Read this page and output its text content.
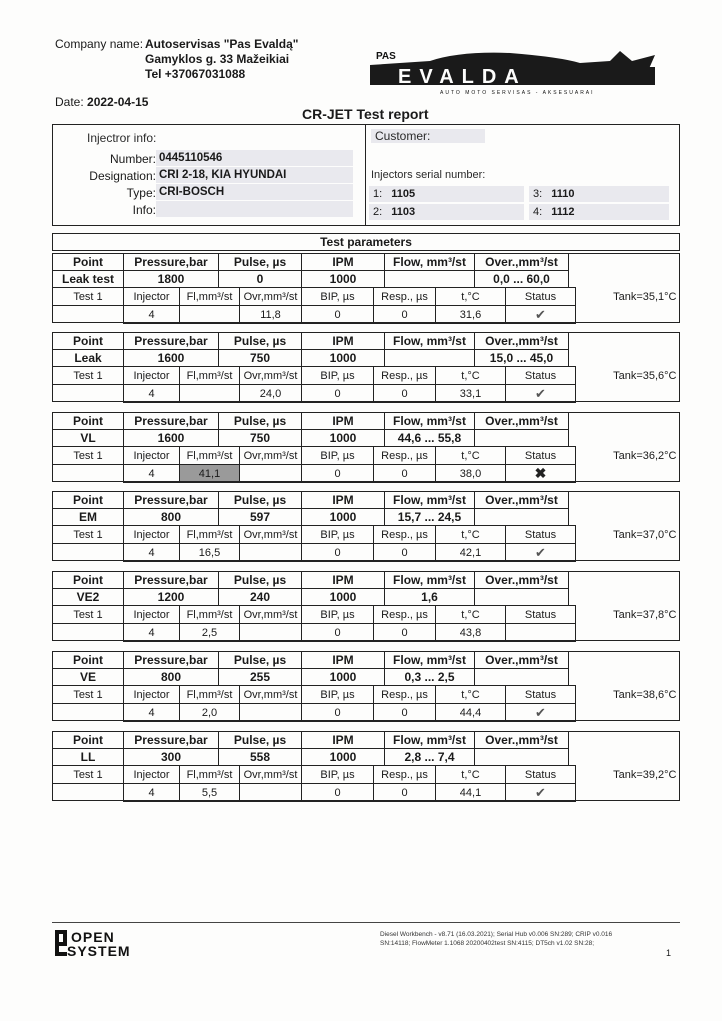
Company name: Autoservisas "Pas Evaldą"
Gamyklos g. 33 Mažeikiai
Tel +37067031088
PAS
EVALDA
AUTO MOTO SERVISAS - AKSESUARAI
Date: 2022-04-15
CR-JET Test report
Injectror info:
Number: 0445110546
Designation: CRI 2-18, KIA HYUNDAI
Type: CRI-BOSCH
Info:
Customer:
Injectors serial number:
1: 1105
2: 1103
3: 1110
4: 1112
Test parameters
Point	Pressure,bar	Pulse, µs	IPM	Flow, mm³/st	Over.,mm³/st	
Leak test	1800	0	1000		0,0 ... 60,0	
Test 1	Injector	Fl,mm³/st	Ovr,mm³/st	BIP, µs	Resp., µs	t,°C	Status	Tank=35,1°C
	4		11,8	0	0	31,6	✔	
Point	Pressure,bar	Pulse, µs	IPM	Flow, mm³/st	Over.,mm³/st	
Leak	1600	750	1000		15,0 ... 45,0	
Test 1	Injector	Fl,mm³/st	Ovr,mm³/st	BIP, µs	Resp., µs	t,°C	Status	Tank=35,6°C
	4		24,0	0	0	33,1	✔	
Point	Pressure,bar	Pulse, µs	IPM	Flow, mm³/st	Over.,mm³/st	
VL	1600	750	1000	44,6 ... 55,8		
Test 1	Injector	Fl,mm³/st	Ovr,mm³/st	BIP, µs	Resp., µs	t,°C	Status	Tank=36,2°C
	4	41,1		0	0	38,0	✖	
Point	Pressure,bar	Pulse, µs	IPM	Flow, mm³/st	Over.,mm³/st	
EM	800	597	1000	15,7 ... 24,5		
Test 1	Injector	Fl,mm³/st	Ovr,mm³/st	BIP, µs	Resp., µs	t,°C	Status	Tank=37,0°C
	4	16,5		0	0	42,1	✔	
Point	Pressure,bar	Pulse, µs	IPM	Flow, mm³/st	Over.,mm³/st	
VE2	1200	240	1000	1,6		
Test 1	Injector	Fl,mm³/st	Ovr,mm³/st	BIP, µs	Resp., µs	t,°C	Status	Tank=37,8°C
	4	2,5		0	0	43,8		
Point	Pressure,bar	Pulse, µs	IPM	Flow, mm³/st	Over.,mm³/st	
VE	800	255	1000	0,3 ... 2,5		
Test 1	Injector	Fl,mm³/st	Ovr,mm³/st	BIP, µs	Resp., µs	t,°C	Status	Tank=38,6°C
	4	2,0		0	0	44,4	✔	
Point	Pressure,bar	Pulse, µs	IPM	Flow, mm³/st	Over.,mm³/st	
LL	300	558	1000	2,8 ... 7,4		
Test 1	Injector	Fl,mm³/st	Ovr,mm³/st	BIP, µs	Resp., µs	t,°C	Status	Tank=39,2°C
	4	5,5		0	0	44,1	✔	
OPEN
SYSTEM
Diesel Workbench - v8.71 (16.03.2021); Serial Hub v0.006 SN:289; CRIP v0.016
SN:14118; FlowMeter 1.1068 20200402test SN:4115; DT5ch v1.02 SN:28;
1
